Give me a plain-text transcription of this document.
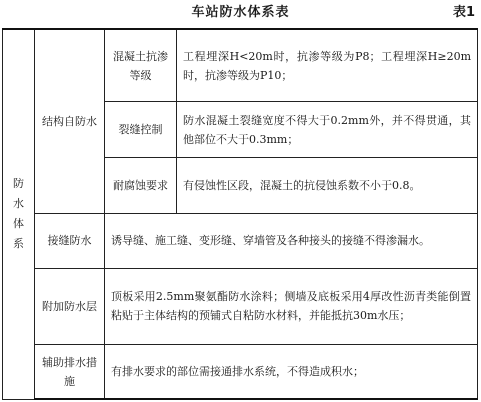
车站防水体系表	表1
防水体系	结构自防水	混凝土抗渗等级	工程埋深H<20m时，抗渗等级为P8；工程埋深H≥20m时，抗渗等级为P10；

		裂缝控制	防水混凝土裂缝宽度不得大于0.2mm外，并不得贯通，其他部位不大于0.3mm；

		耐腐蚀要求	有侵蚀性区段，混凝土的抗侵蚀系数不小于0.8。

	接缝防水	诱导缝、施工缝、变形缝、穿墙管及各种接头的接缝不得渗漏水。	

	附加防水层	顶板采用2.5mm聚氨酯防水涂料；侧墙及底板采用4厚改性沥青类能倒置粘贴于主体结构的预铺式自粘防水材料，并能抵抗30m水压；	

	辅助排水措施	有排水要求的部位需接通排水系统，不得造成积水；	
